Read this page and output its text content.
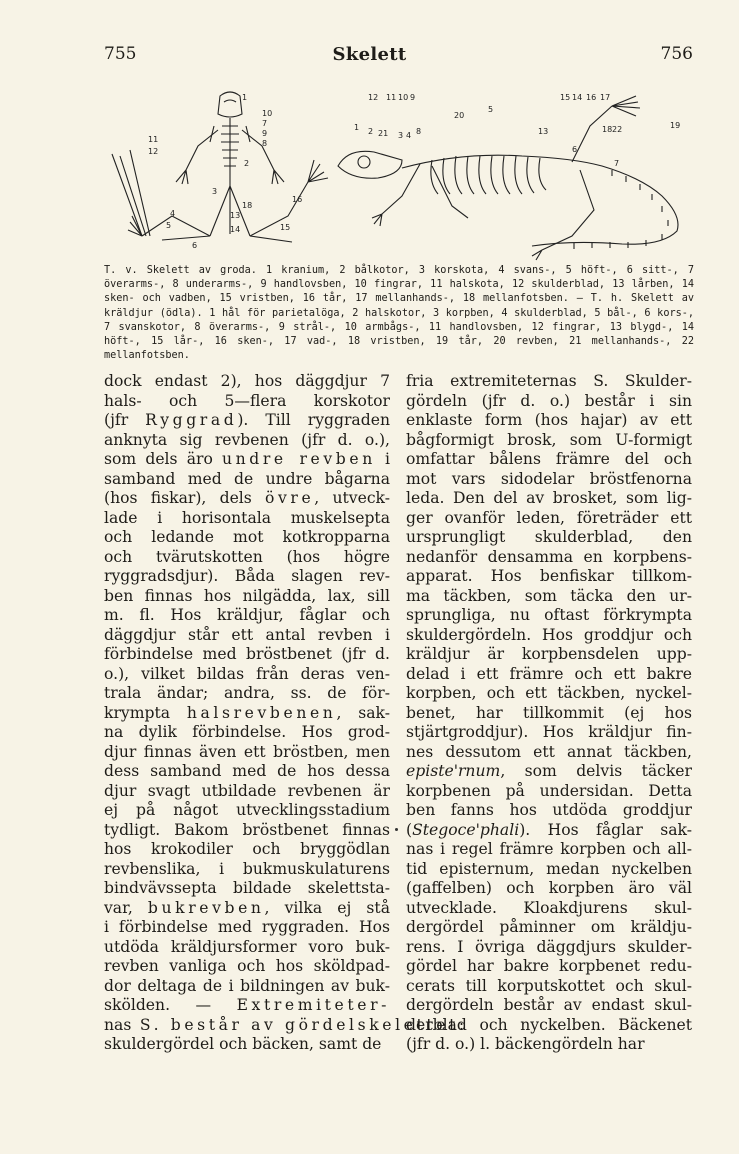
755	Skelett	756
1
10
7
9
8
11
12
2
3
18
16
4
5
13
14
6
15
12 11 10 9
1 2 21 3 4 8
20
5
15 14 16 17
13	18 22	19
6
7

T. v. Skelett av groda. 1 kranium, 2 bålkotor, 3 korskota, 4 svans-, 5 höft-, 6 sitt-, 7 överarms-, 8 underarms-, 9 handlovsben, 10 fingrar, 11 halskota, 12 skulderblad, 13 lårben, 14 sken- och vadben, 15 vristben, 16 tår, 17 mellanhands-, 18 mellanfotsben. — T. h. Skelett av kräldjur (ödla). 1 hål för parietalöga, 2 halskotor, 3 korpben, 4 skulderblad, 5 bål-, 6 kors-, 7 svanskotor, 8 överarms-, 9 strål-, 10 armbågs-, 11 handlovsben, 12 fingrar, 13 blygd-, 14 höft-, 15 lår-, 16 sken-, 17 vad-, 18 vristben, 19 tår, 20 revben, 21 mellanhands-, 22 mellanfotsben.

dock endast 2), hos däggdjur 7
hals- och 5—flera korskotor
(jfr Ryggrad). Till ryggraden
anknyta sig revbenen (jfr d. o.),
som dels äro undre revben i
samband med de undre bågarna
(hos fiskar), dels övre, utveck-
lade i horisontala muskelsepta
och ledande mot kotkropparna
och tvärutskotten (hos högre
ryggradsdjur). Båda slagen rev-
ben finnas hos nilgädda, lax, sill
m. fl. Hos kräldjur, fåglar och
däggdjur står ett antal revben i
förbindelse med bröstbenet (jfr d.
o.), vilket bildas från deras ven-
trala ändar; andra, ss. de för-
krympta halsrevbenen, sak-
na dylik förbindelse. Hos grod-
djur finnas även ett bröstben, men
dess samband med de hos dessa
djur svagt utbildade revbenen är
ej på något utvecklingsstadium
tydligt. Bakom bröstbenet finnas
hos krokodiler och bryggödlan
revbenslika, i bukmuskulaturens
bindvävssepta bildade skelettsta-
var, bukrevben, vilka ej stå
i förbindelse med ryggraden. Hos
utdöda kräldjursformer voro buk-
revben vanliga och hos sköldpad-
dor deltaga de i bildningen av buk-
skölden. — Extremiteter-
nas S. består av gördelskelettet:
skuldergördel och bäcken, samt de
fria extremiteternas S. Skulder-
gördeln (jfr d. o.) består i sin
enklaste form (hos hajar) av ett
bågformigt brosk, som U-formigt
omfattar bålens främre del och
mot vars sidodelar bröstfenorna
leda. Den del av brosket, som lig-
ger ovanför leden, företräder ett
ursprungligt skulderblad, den
nedanför densamma en korpbens-
apparat. Hos benfiskar tillkom-
ma täckben, som täcka den ur-
sprungliga, nu oftast förkrympta
skuldergördeln. Hos groddjur och
kräldjur är korpbensdelen upp-
delad i ett främre och ett bakre
korpben, och ett täckben, nyckel-
benet, har tillkommit (ej hos
stjärtgroddjur). Hos kräldjur fin-
nes dessutom ett annat täckben,
episte'rnum, som delvis täcker
korpbenen på undersidan. Detta
ben fanns hos utdöda groddjur
(Stegoce'phali). Hos fåglar sak-
nas i regel främre korpben och all-
tid episternum, medan nyckelben
(gaffelben) och korpben äro väl
utvecklade. Kloakdjurens skul-
dergördel påminner om kräldju-
rens. I övriga däggdjurs skulder-
gördel har bakre korpbenet redu-
cerats till korputskottet och skul-
dergördeln består av endast skul-
derblad och nyckelben. Bäckenet
(jfr d. o.) l. bäckengördeln har
